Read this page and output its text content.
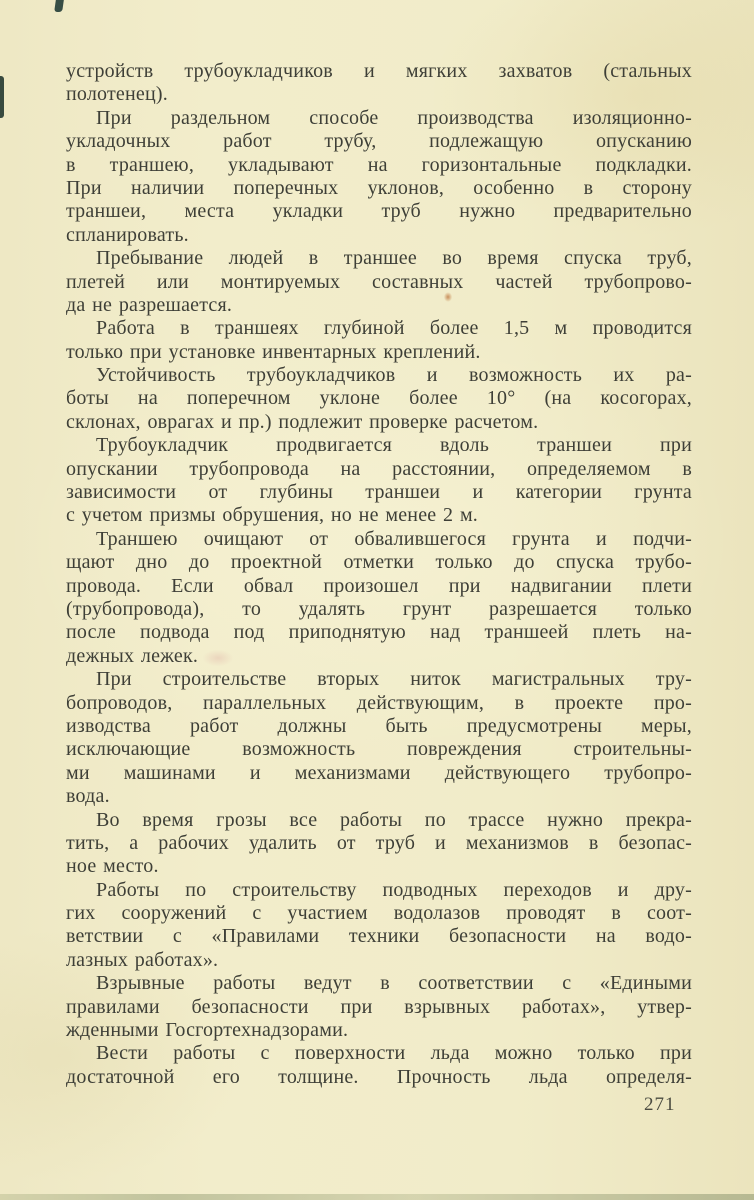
устройств трубоукладчиков и мягких захватов (стальных
полотенец).
При раздельном способе производства изоляционно-
укладочных работ трубу, подлежащую опусканию
в траншею, укладывают на горизонтальные подкладки.
При наличии поперечных уклонов, особенно в сторону
траншеи, места укладки труб нужно предварительно
спланировать.
Пребывание людей в траншее во время спуска труб,
плетей или монтируемых составных частей трубопрово-
да не разрешается.
Работа в траншеях глубиной более 1,5 м проводится
только при установке инвентарных креплений.
Устойчивость трубоукладчиков и возможность их ра-
боты на поперечном уклоне более 10° (на косогорах,
склонах, оврагах и пр.) подлежит проверке расчетом.
Трубоукладчик продвигается вдоль траншеи при
опускании трубопровода на расстоянии, определяемом в
зависимости от глубины траншеи и категории грунта
с учетом призмы обрушения, но не менее 2 м.
Траншею очищают от обвалившегося грунта и подчи-
щают дно до проектной отметки только до спуска трубо-
провода. Если обвал произошел при надвигании плети
(трубопровода), то удалять грунт разрешается только
после подвода под приподнятую над траншеей плеть на-
дежных лежек.
При строительстве вторых ниток магистральных тру-
бопроводов, параллельных действующим, в проекте про-
изводства работ должны быть предусмотрены меры,
исключающие возможность повреждения строительны-
ми машинами и механизмами действующего трубопро-
вода.
Во время грозы все работы по трассе нужно прекра-
тить, а рабочих удалить от труб и механизмов в безопас-
ное место.
Работы по строительству подводных переходов и дру-
гих сооружений с участием водолазов проводят в соот-
ветствии с «Правилами техники безопасности на водо-
лазных работах».
Взрывные работы ведут в соответствии с «Едиными
правилами безопасности при взрывных работах», утвер-
жденными Госгортехнадзорами.
Вести работы с поверхности льда можно только при
достаточной его толщине. Прочность льда определя-
271
